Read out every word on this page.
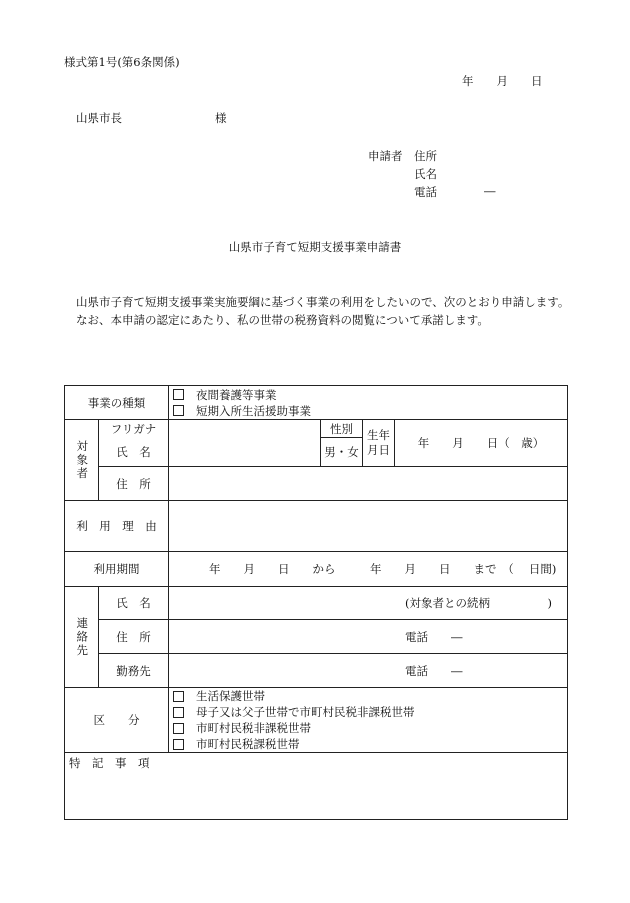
様式第1号(第6条関係)
年　　月　　日
山県市長	様
申請者 住所
氏名
電話	―
山県市子育て短期支援事業申請書

山県市子育て短期支援事業実施要綱に基づく事業の利用をしたいので、次のとおり申請します。

なお、本申請の認定にあたり、私の世帯の税務資料の閲覧について承諾します。

事業の種類		夜間養護等事業
短期入所生活援助事業			

対象者	フリガナ
氏　名		性別	生年月日	年　　月　　日（　歳）
			男・女		
	住　所				
利　用　理　由					
利用期間		年　　月　　日　　から　　　年　　月　　日　　まで　（　 日間)			

連絡先	氏　名	(対象者との続柄　　　　　)			
	住　所	電話　　―			
	勤務先	電話　　―			
区　　分		生活保護世帯
母子又は父子世帯で市町村民税非課税世帯
市町村民税非課税世帯
市町村民税課税世帯			

特　記　事　項					
